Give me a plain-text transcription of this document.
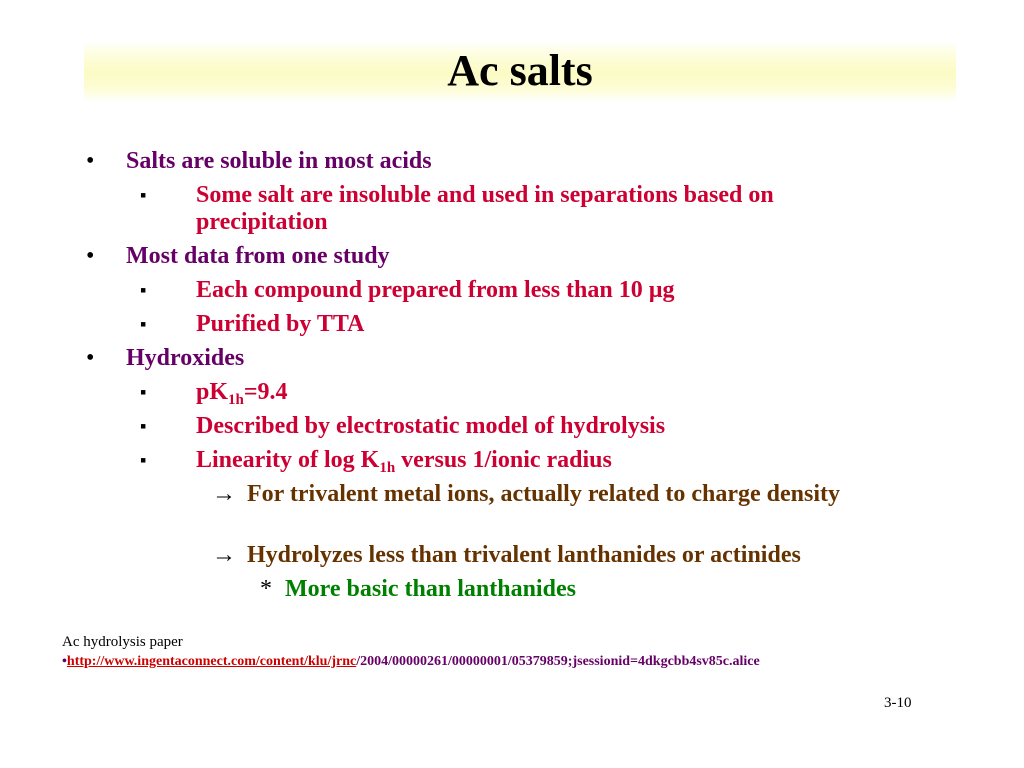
Ac salts
• Salts are soluble in most acids
▪ Some salt are insoluble and used in separations based on precipitation
• Most data from one study
▪ Each compound prepared from less than 10 µg
▪ Purified by TTA
• Hydroxides
▪ $pK_{1h}=9.4$
▪ Described by electrostatic model of hydrolysis
▪ Linearity of $\log K_{1h}$ versus 1/ionic radius
→ For trivalent metal ions, actually related to charge density
→ Hydrolyzes less than trivalent lanthanides or actinides
* More basic than lanthanides
Ac hydrolysis paper
•http://www.ingentaconnect.com/content/klu/jrnc/2004/00000261/00000001/05379859;jsessionid=4dkgcbb4sv85c.alice
3-10
